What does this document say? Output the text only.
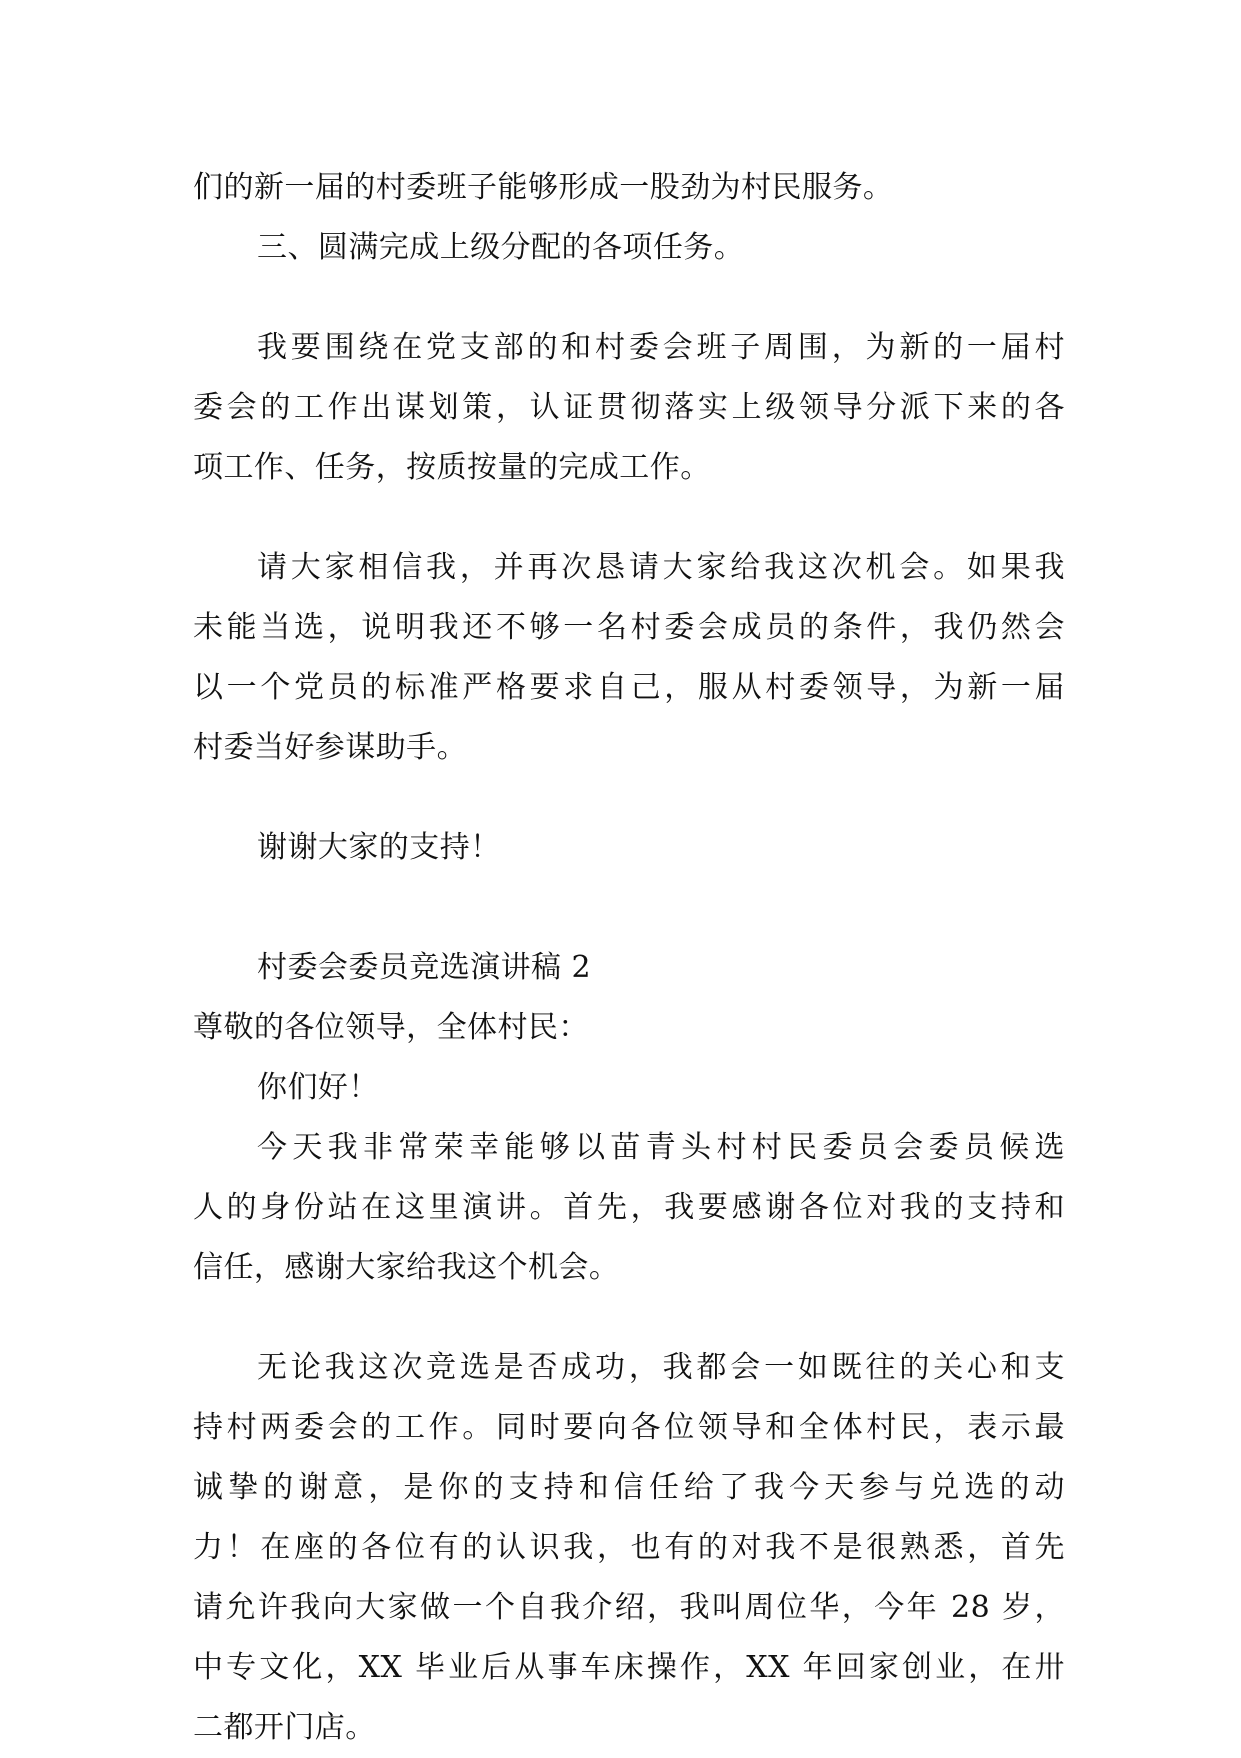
们的新一届的村委班子能够形成一股劲为村民服务。
三、圆满完成上级分配的各项任务。
我要围绕在党支部的和村委会班子周围，为新的一届村
委会的工作出谋划策，认证贯彻落实上级领导分派下来的各
项工作、任务，按质按量的完成工作。
请大家相信我，并再次恳请大家给我这次机会。如果我
未能当选，说明我还不够一名村委会成员的条件，我仍然会
以一个党员的标准严格要求自己，服从村委领导，为新一届
村委当好参谋助手。
谢谢大家的支持！
村委会委员竞选演讲稿 2
尊敬的各位领导，全体村民：
你们好！
今天我非常荣幸能够以苗青头村村民委员会委员候选
人的身份站在这里演讲。首先，我要感谢各位对我的支持和
信任，感谢大家给我这个机会。
无论我这次竞选是否成功，我都会一如既往的关心和支
持村两委会的工作。同时要向各位领导和全体村民，表示最
诚挚的谢意，是你的支持和信任给了我今天参与兑选的动
力！在座的各位有的认识我，也有的对我不是很熟悉，首先
请允许我向大家做一个自我介绍，我叫周位华，今年 28 岁，
中专文化，XX 毕业后从事车床操作，XX 年回家创业，在卅
二都开门店。
